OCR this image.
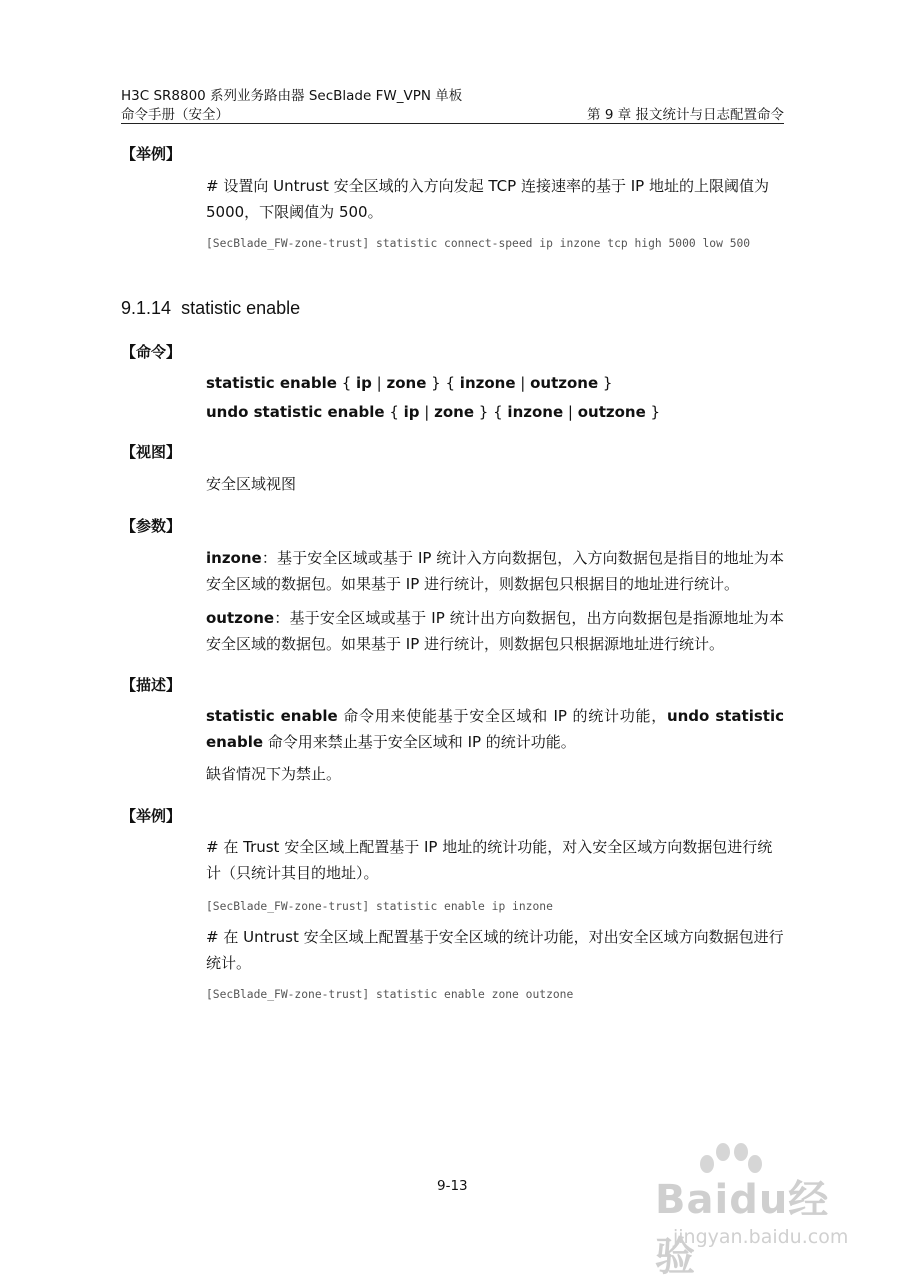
H3C SR8800 系列业务路由器 SecBlade FW_VPN 单板
命令手册（安全）	第 9 章 报文统计与日志配置命令
【举例】
# 设置向 Untrust 安全区域的入方向发起 TCP 连接速率的基于 IP 地址的上限阈值为 5000，下限阈值为 500。
[SecBlade_FW-zone-trust] statistic connect-speed ip inzone tcp high 5000 low 500
9.1.14 statistic enable
【命令】
statistic enable { ip | zone } { inzone | outzone }
undo statistic enable { ip | zone } { inzone | outzone }
【视图】
安全区域视图
【参数】
inzone：基于安全区域或基于 IP 统计入方向数据包，入方向数据包是指目的地址为本安全区域的数据包。如果基于 IP 进行统计，则数据包只根据目的地址进行统计。
outzone：基于安全区域或基于 IP 统计出方向数据包，出方向数据包是指源地址为本安全区域的数据包。如果基于 IP 进行统计，则数据包只根据源地址进行统计。
【描述】
statistic enable 命令用来使能基于安全区域和 IP 的统计功能，undo statistic enable 命令用来禁止基于安全区域和 IP 的统计功能。
缺省情况下为禁止。
【举例】
# 在 Trust 安全区域上配置基于 IP 地址的统计功能，对入安全区域方向数据包进行统计（只统计其目的地址）。
[SecBlade_FW-zone-trust] statistic enable ip inzone
# 在 Untrust 安全区域上配置基于安全区域的统计功能，对出安全区域方向数据包进行统计。
[SecBlade_FW-zone-trust] statistic enable zone outzone
9-13	Baidu经验
jingyan.baidu.com
